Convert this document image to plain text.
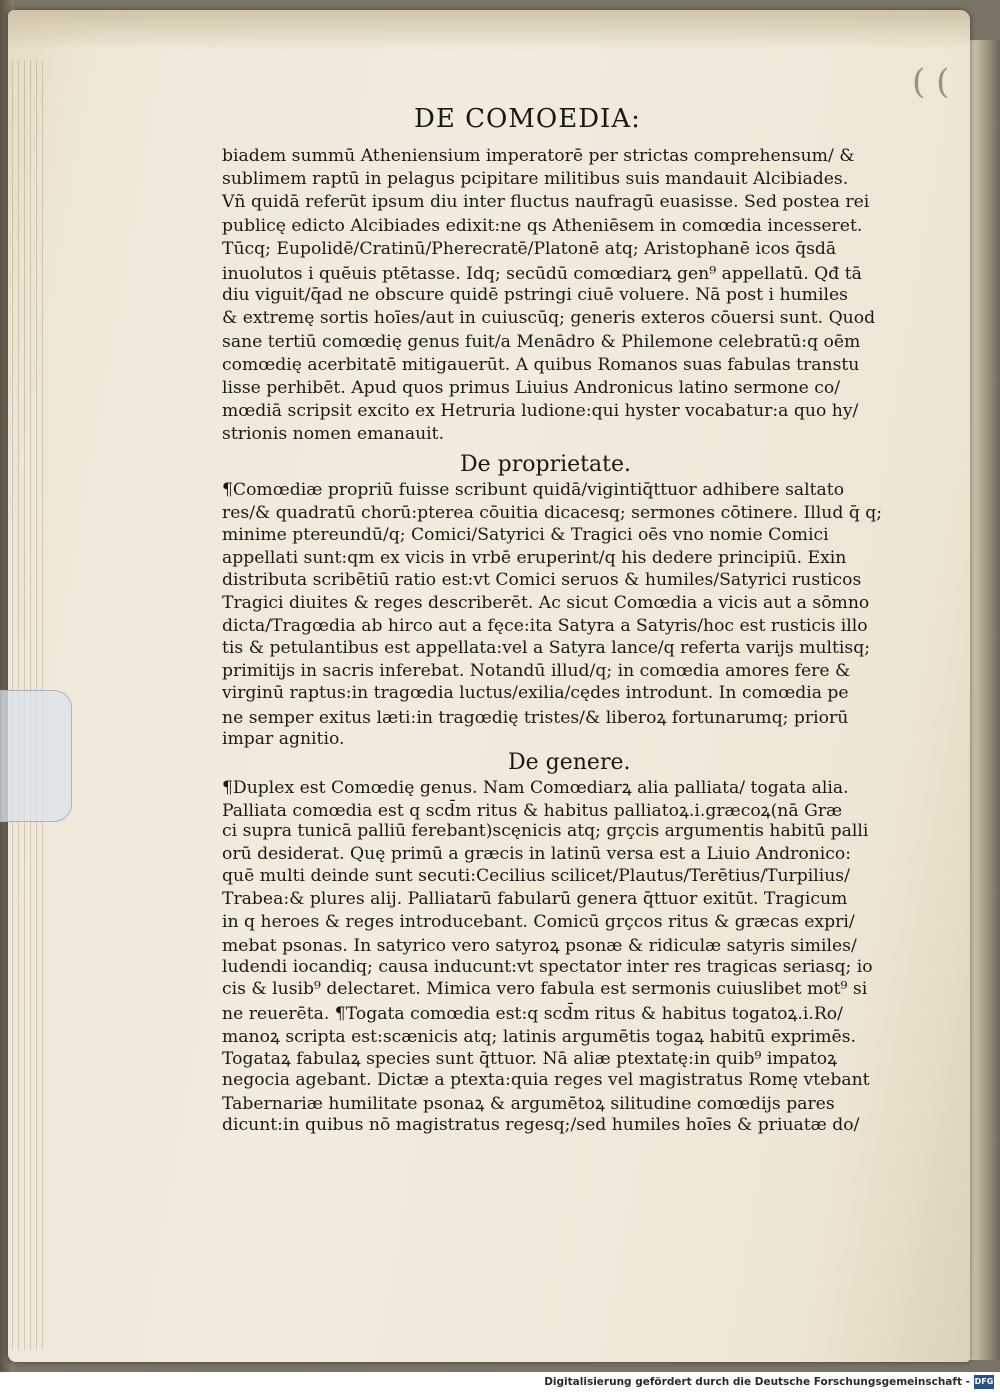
( (
DE COMOEDIA:
biadem summū Atheniensium imperatorē per strictas comprehensum/ &
sublimem raptū in pelagus pcipitare militibus suis mandauit Alcibiades.
Vñ quidā referūt ipsum diu inter fluctus naufragū euasisse. Sed postea rei
publicę edicto Alcibiades edixit:ne qs Atheniēsem in comœdia incesseret.
Tūcq; Eupolidē/Cratinū/Pherecratē/Platonē atq; Aristophanē icos q̄sdā
inuolutos i quēuis ptētasse. Idq; secūdū comœdiarꝝ gen⁹ appellatū. Qđ tā
diu viguit/q̄ad ne obscure quidē pstringi ciuē voluere. Nā post i humiles
& extremę sortis hoīes/aut in cuiuscūq; generis exteros cōuersi sunt. Quod
sane tertiū comœdię genus fuit/a Menādro & Philemone celebratū:q oēm
comœdię acerbitatē mitigauerūt. A quibus Romanos suas fabulas transtu
lisse perhibēt. Apud quos primus Liuius Andronicus latino sermone co/
mœdiā scripsit excito ex Hetruria ludione:qui hyster vocabatur:a quo hy/
strionis nomen emanauit.
De proprietate.
¶Comœdiæ propriū fuisse scribunt quidā/vigintiq̄ttuor adhibere saltato
res/& quadratū chorū:pterea cōuitia dicacesq; sermones cōtinere. Illud q̄ q;
minime ptereundū/q; Comici/Satyrici & Tragici oēs vno nomie Comici
appellati sunt:qm ex vicis in vrbē eruperint/q his dedere principiū. Exin
distributa scribētiū ratio est:vt Comici seruos & humiles/Satyrici rusticos
Tragici diuites & reges describerēt. Ac sicut Comœdia a vicis aut a sōmno
dicta/Tragœdia ab hirco aut a fęce:ita Satyra a Satyris/hoc est rusticis illo
tis & petulantibus est appellata:vel a Satyra lance/q referta varijs multisq;
primitijs in sacris inferebat. Notandū illud/q; in comœdia amores fere &
virginū raptus:in tragœdia luctus/exilia/cędes introdunt. In comœdia pe
ne semper exitus læti:in tragœdię tristes/& liberoꝝ fortunarumq; priorū
impar agnitio.
De genere.
¶Duplex est Comœdię genus. Nam Comœdiarꝝ alia palliata/ togata alia.
Palliata comœdia est q scd̄m ritus & habitus palliatoꝝ.i.græcoꝝ(nā Græ
ci supra tunicā palliū ferebant)scęnicis atq; grçcis argumentis habitū palli
orū desiderat. Quę primū a græcis in latinū versa est a Liuio Andronico:
quē multi deinde sunt secuti:Cecilius scilicet/Plautus/Terētius/Turpilius/
Trabea:& plures alij. Palliatarū fabularū genera q̄ttuor exitūt. Tragicum
in q heroes & reges introducebant. Comicū grçcos ritus & græcas expri/
mebat psonas. In satyrico vero satyroꝝ psonæ & ridiculæ satyris similes/
ludendi iocandiq; causa inducunt:vt spectator inter res tragicas seriasq; io
cis & lusib⁹ delectaret. Mimica vero fabula est sermonis cuiuslibet mot⁹ si
ne reuerēta. ¶Togata comœdia est:q scd̄m ritus & habitus togatoꝝ.i.Ro/
manoꝝ scripta est:scænicis atq; latinis argumētis togaꝝ habitū exprimēs.
Togataꝝ fabulaꝝ species sunt q̄ttuor. Nā aliæ ptextatę:in quib⁹ impatoꝝ
negocia agebant. Dictæ a ptexta:quia reges vel magistratus Romę vtebant
Tabernariæ humilitate psonaꝝ & argumētoꝝ silitudine comœdijs pares
dicunt:in quibus nō magistratus regesq;/sed humiles hoīes & priuatæ do/
Digitalisierung gefördert durch die Deutsche Forschungsgemeinschaft - DFG
